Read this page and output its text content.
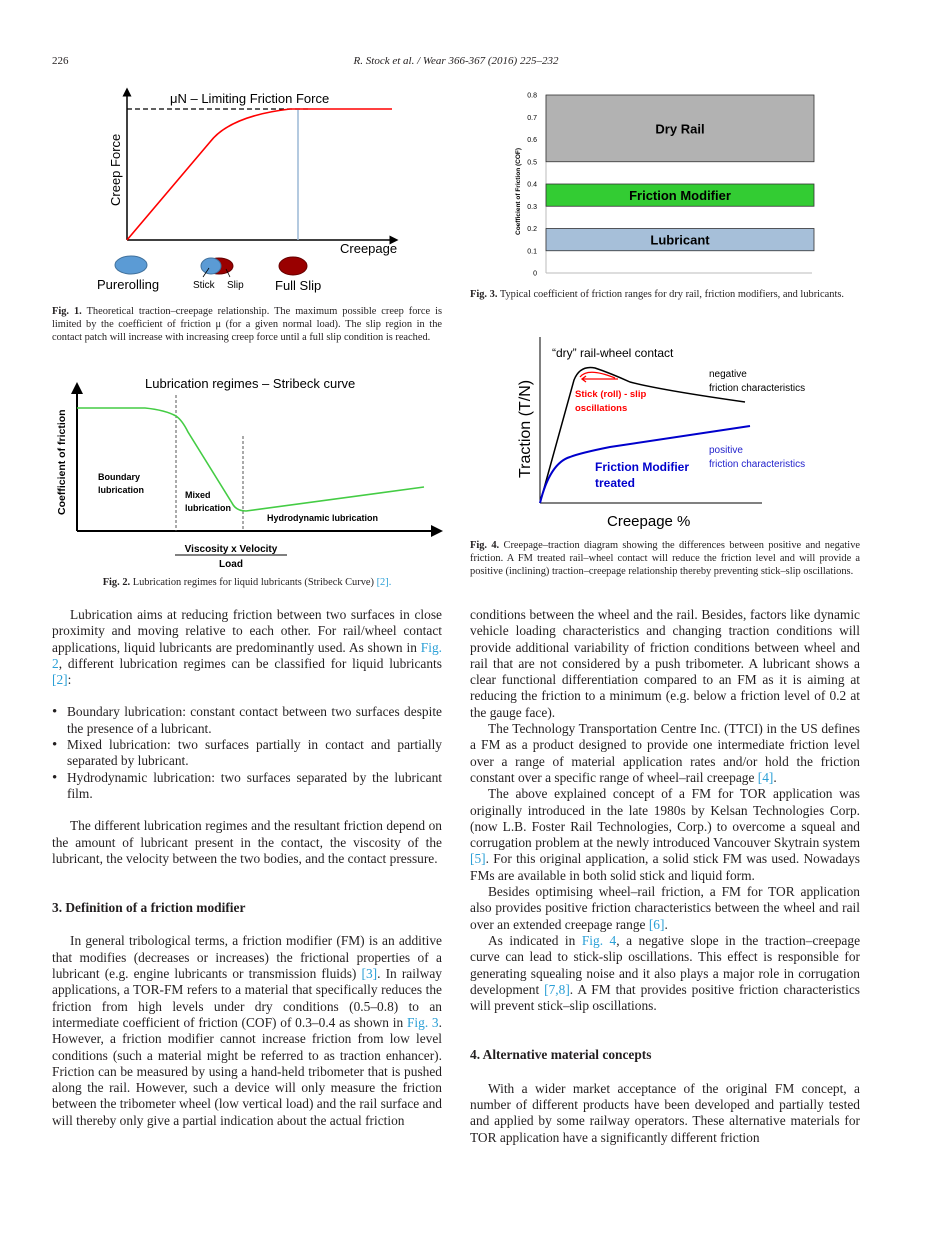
226	R. Stock et al. / Wear 366-367 (2016) 225–232
μN – Limiting Friction Force
Creep Force
Creepage
Purerolling	Stick Slip Full Slip
Fig. 1. Theoretical traction–creepage relationship. The maximum possible creep force is limited by the coefficient of friction μ (for a given normal load). The slip region in the contact patch will increase with increasing creep force until a full slip condition is reached.
Lubrication regimes – Stribeck curve
Coefficient of friction	Boundary
lubrication	Mixed
lubrication
Hydrodynamic lubrication
Viscosity x Velocity
Load
Fig. 2. Lubrication regimes for liquid lubricants (Stribeck Curve) [2].
Coefficient of Friction (COF)
0
0.1
0.2
0.3
0.4
0.5
0.6
0.7
0.8
Dry Rail
Friction Modifier
Lubricant
Fig. 3. Typical coefficient of friction ranges for dry rail, friction modifiers, and lubricants.
“dry” rail-wheel contact
negative
friction characteristics
Stick (roll) - slip
oscillations
positive
friction characteristics
Friction Modifier
treated
Traction (T/N)
Creepage %
Fig. 4. Creepage–traction diagram showing the differences between positive and negative friction. A FM treated rail–wheel contact will reduce the friction level and will provide a positive (inclining) traction–creepage relationship thereby preventing stick–slip oscillations.

Lubrication aims at reducing friction between two surfaces in close proximity and moving relative to each other. For rail/wheel contact applications, liquid lubricants are predominantly used. As shown in Fig. 2, different lubrication regimes can be classified for liquid lubricants [2]:

• Boundary lubrication: constant contact between two surfaces despite the presence of a lubricant.

• Mixed lubrication: two surfaces partially in contact and partially separated by lubricant.

• Hydrodynamic lubrication: two surfaces separated by the lubricant film.

The different lubrication regimes and the resultant friction depend on the amount of lubricant present in the contact, the viscosity of the lubricant, the velocity between the two bodies, and the contact pressure.

3. Definition of a friction modifier

In general tribological terms, a friction modifier (FM) is an additive that modifies (decreases or increases) the frictional properties of a lubricant (e.g. engine lubricants or transmission fluids) [3]. In railway applications, a TOR-FM refers to a material that specifically reduces the friction from high levels under dry conditions (0.5–0.8) to an intermediate coefficient of friction (COF) of 0.3–0.4 as shown in Fig. 3. However, a friction modifier cannot increase friction from low level conditions (such a material might be referred to as traction enhancer). Friction can be measured by using a hand-held tribometer that is pushed along the rail. However, such a device will only measure the friction between the tribometer wheel (low vertical load) and the rail surface and will thereby only give a partial indication about the actual friction

conditions between the wheel and the rail. Besides, factors like dynamic vehicle loading characteristics and changing traction conditions will provide additional variability of friction conditions between wheel and rail that are not considered by a push tribometer. A lubricant shows a clear functional differentiation compared to an FM as it is aiming at reducing the friction to a minimum (e.g. below a friction level of 0.2 at the gauge face).

The Technology Transportation Centre Inc. (TTCI) in the US defines a FM as a product designed to provide one intermediate friction level over a range of material application rates and/or hold the friction constant over a specific range of wheel–rail creepage [4].

The above explained concept of a FM for TOR application was originally introduced in the late 1980s by Kelsan Technologies Corp. (now L.B. Foster Rail Technologies, Corp.) to overcome a squeal and corrugation problem at the newly introduced Vancouver Skytrain system [5]. For this original application, a solid stick FM was used. Nowadays FMs are available in both solid stick and liquid form.

Besides optimising wheel–rail friction, a FM for TOR application also provides positive friction characteristics between the wheel and rail over an extended creepage range [6].

As indicated in Fig. 4, a negative slope in the traction–creepage curve can lead to stick-slip oscillations. This effect is responsible for generating squealing noise and it also plays a major role in corrugation development [7,8]. A FM that provides positive friction characteristics will prevent stick–slip oscillations.

4. Alternative material concepts

With a wider market acceptance of the original FM concept, a number of different products have been developed and partially tested and applied by some railway operators. These alternative materials for TOR application have a significantly different friction
